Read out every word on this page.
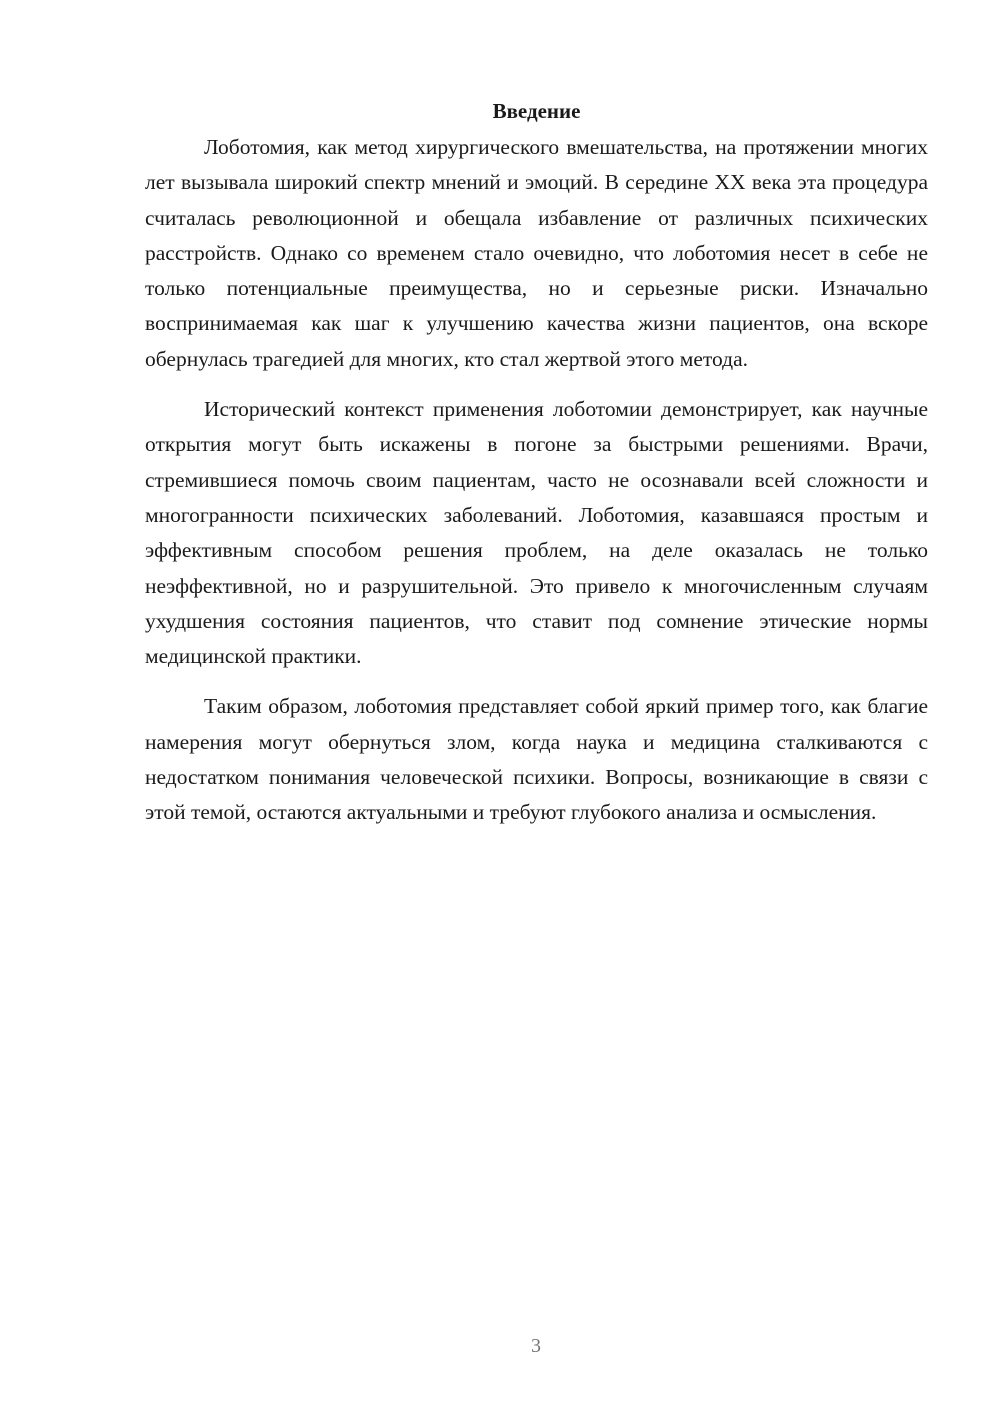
Введение

Лоботомия, как метод хирургического вмешательства, на протяжении многих лет вызывала широкий спектр мнений и эмоций. В середине XX века эта процедура считалась революционной и обещала избавление от различных психических расстройств. Однако со временем стало очевидно, что лоботомия несет в себе не только потенциальные преимущества, но и серьезные риски. Изначально воспринимаемая как шаг к улучшению качества жизни пациентов, она вскоре обернулась трагедией для многих, кто стал жертвой этого метода.

Исторический контекст применения лоботомии демонстрирует, как научные открытия могут быть искажены в погоне за быстрыми решениями. Врачи, стремившиеся помочь своим пациентам, часто не осознавали всей сложности и многогранности психических заболеваний. Лоботомия, казавшаяся простым и эффективным способом решения проблем, на деле оказалась не только неэффективной, но и разрушительной. Это привело к многочисленным случаям ухудшения состояния пациентов, что ставит под сомнение этические нормы медицинской практики.

Таким образом, лоботомия представляет собой яркий пример того, как благие намерения могут обернуться злом, когда наука и медицина сталкиваются с недостатком понимания человеческой психики. Вопросы, возникающие в связи с этой темой, остаются актуальными и требуют глубокого анализа и осмысления.

3
